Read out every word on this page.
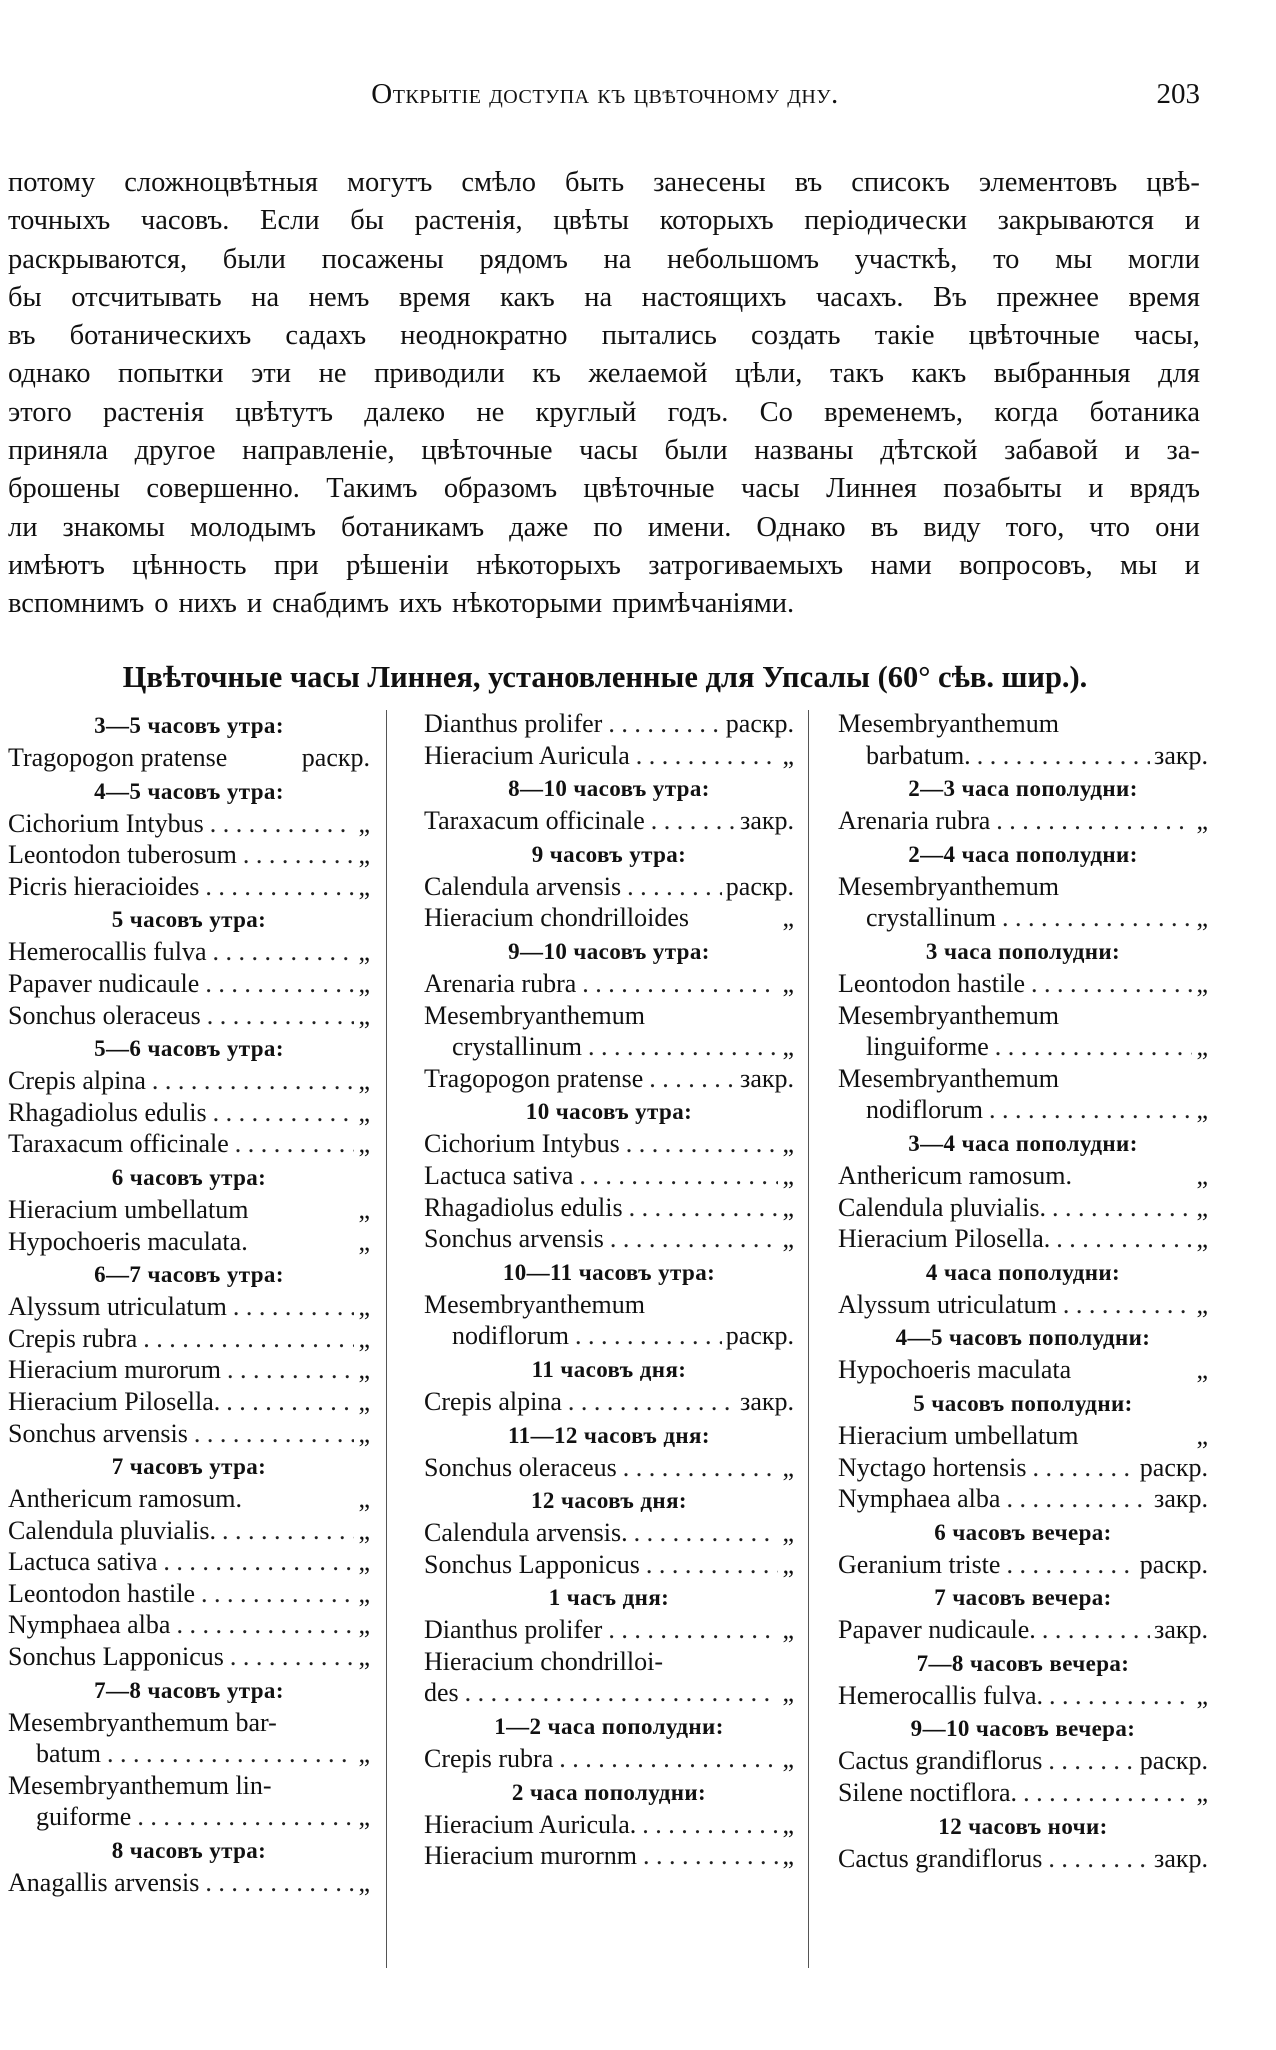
Открытіе доступа къ цвѣточному дну.	203
потому сложноцвѣтныя могутъ смѣло быть занесены въ списокъ элементовъ цвѣ-
точныхъ часовъ. Если бы растенія, цвѣты которыхъ періодически закрываются и
раскрываются, были посажены рядомъ на небольшомъ участкѣ, то мы могли
бы отсчитывать на немъ время какъ на настоящихъ часахъ. Въ прежнее время
въ ботаническихъ садахъ неоднократно пытались создать такіе цвѣточные часы,
однако попытки эти не приводили къ желаемой цѣли, такъ какъ выбранныя для
этого растенія цвѣтутъ далеко не круглый годъ. Со временемъ, когда ботаника
приняла другое направленіе, цвѣточные часы были названы дѣтской забавой и за-
брошены совершенно. Такимъ образомъ цвѣточные часы Линнея позабыты и врядъ
ли знакомы молодымъ ботаникамъ даже по имени. Однако въ виду того, что они
имѣютъ цѣнность при рѣшеніи нѣкоторыхъ затрогиваемыхъ нами вопросовъ, мы и
вспомнимъ о нихъ и снабдимъ ихъ нѣкоторыми примѣчаніями.
Цвѣточные часы Линнея, установленные для Упсалы (60° сѣв. шир.).
3—5 часовъ утра:
Tragopogon pratense	раскр.
4—5 часовъ утра:
Cichorium Intybus . . .	„
Leontodon tuberosum . . .	„
Picris hieracioides . . .	„
5 часовъ утра:
Hemerocallis fulva . . .	„
Papaver nudicaule . . .	„
Sonchus oleraceus . . .	„
5—6 часовъ утра:
Crepis alpina . . .	„
Rhagadiolus edulis . . .	„
Taraxacum officinale . . .	„
6 часовъ утра:
Hieracium umbellatum	„
Hypochoeris maculata.	„
6—7 часовъ утра:
Alyssum utriculatum . . .	„
Crepis rubra . . .	„
Hieracium murorum . . .	„
Hieracium Pilosella. . . .	„
Sonchus arvensis . . .	„
7 часовъ утра:
Anthericum ramosum.	„
Calendula pluvialis. . . .	„
Lactuca sativa . . .	„
Leontodon hastile . . .	„
Nymphaea alba . . .	„
Sonchus Lapponicus . . .	„
7—8 часовъ утра:
Mesembryanthemum bar-
batum . . .	„
Mesembryanthemum lin-
guiforme . . .	„
8 часовъ утра:
Anagallis arvensis . . .	„
Dianthus prolifer . . .	раскр.
Hieracium Auricula . . .	„
8—10 часовъ утра:
Taraxacum officinale . . .	закр.
9 часовъ утра:
Calendula arvensis . . .	раскр.
Hieracium chondrilloides	„
9—10 часовъ утра:
Arenaria rubra . . .	„
Mesembryanthemum
crystallinum . . .	„
Tragopogon pratense . . .	закр.
10 часовъ утра:
Cichorium Intybus . . .	„
Lactuca sativa . . .	„
Rhagadiolus edulis . . .	„
Sonchus arvensis . . .	„
10—11 часовъ утра:
Mesembryanthemum
nodiflorum . . .	раскр.
11 часовъ дня:
Crepis alpina . . .	закр.
11—12 часовъ дня:
Sonchus oleraceus . . .	„
12 часовъ дня:
Calendula arvensis. . . .	„
Sonchus Lapponicus . . .	„
1 часъ дня:
Dianthus prolifer . . .	„
Hieracium chondrilloi-
des . . .	„
1—2 часа пополудни:
Crepis rubra . . .	„
2 часа пополудни:
Hieracium Auricula. . . .	„
Hieracium murornm . . .	„
Mesembryanthemum
barbatum. . . .	закр.
2—3 часа пополудни:
Arenaria rubra . . .	„
2—4 часа пополудни:
Mesembryanthemum
crystallinum . . .	„
3 часа пополудни:
Leontodon hastile . . .	„
Mesembryanthemum
linguiforme . . .	„
Mesembryanthemum
nodiflorum . . .	„
3—4 часа пополудни:
Anthericum ramosum.	„
Calendula pluvialis. . . .	„
Hieracium Pilosella. . . .	„
4 часа пополудни:
Alyssum utriculatum . . .	„
4—5 часовъ пополудни:
Hypochoeris maculata	„
5 часовъ пополудни:
Hieracium umbellatum	„
Nyctago hortensis . . .	раскр.
Nymphaea alba . . .	закр.
6 часовъ вечера:
Geranium triste . . .	раскр.
7 часовъ вечера:
Papaver nudicaule. . . .	закр.
7—8 часовъ вечера:
Hemerocallis fulva. . . .	„
9—10 часовъ вечера:
Cactus grandiflorus . . .	раскр.
Silene noctiflora. . . .	„
12 часовъ ночи:
Cactus grandiflorus . . .	закр.
